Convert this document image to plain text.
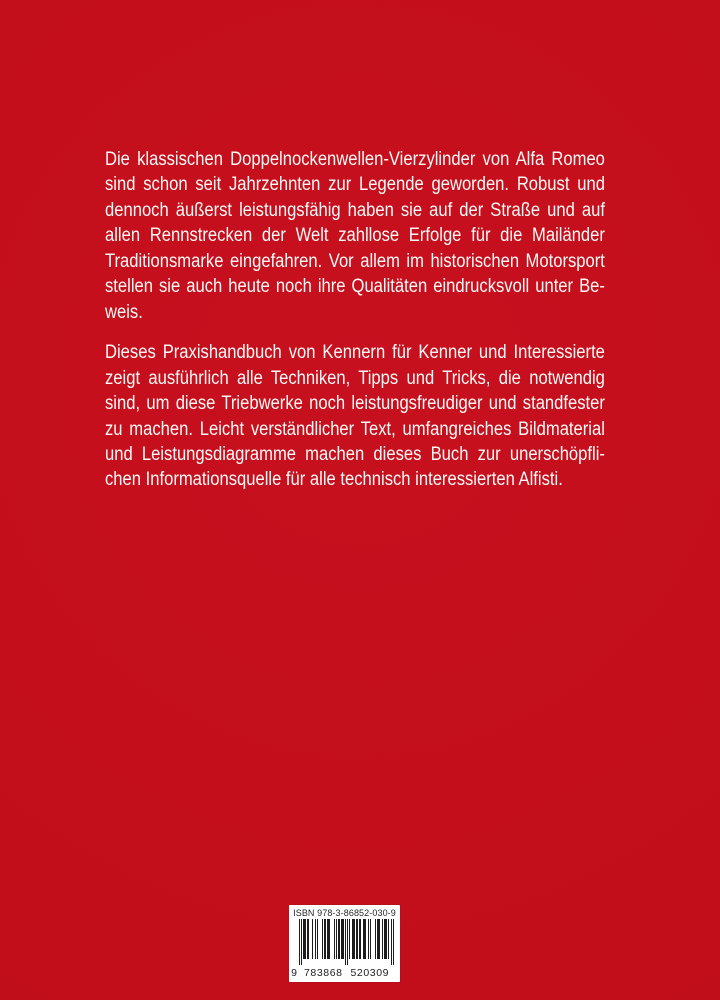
Die klassischen Doppelnockenwellen-Vierzylinder von Alfa Romeo
sind schon seit Jahrzehnten zur Legende geworden. Robust und
dennoch äußerst leistungsfähig haben sie auf der Straße und auf
allen Rennstrecken der Welt zahllose Erfolge für die Mailänder
Traditionsmarke eingefahren. Vor allem im historischen Motorsport
stellen sie auch heute noch ihre Qualitäten eindrucksvoll unter Be-
weis.
Dieses Praxishandbuch von Kennern für Kenner und Interessierte
zeigt ausführlich alle Techniken, Tipps und Tricks, die notwendig
sind, um diese Triebwerke noch leistungsfreudiger und standfester
zu machen. Leicht verständlicher Text, umfangreiches Bildmaterial
und Leistungsdiagramme machen dieses Buch zur unerschöpfli-
chen Informationsquelle für alle technisch interessierten Alfisti.
ISBN 978-3-86852-030-9
9 783868 520309
